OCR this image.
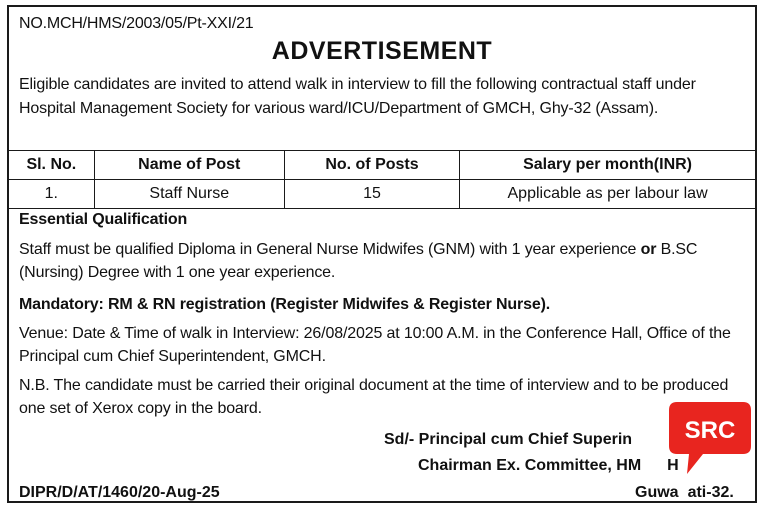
NO.MCH/HMS/2003/05/Pt-XXI/21
ADVERTISEMENT
Eligible candidates are invited to attend walk in interview to fill the following contractual staff under Hospital Management Society for various ward/ICU/Department of GMCH, Ghy-32 (Assam).
Sl. No.	Name of Post	No. of Posts	Salary per month(INR)
1.	Staff Nurse	15	Applicable as per labour law
Essential Qualification
Staff must be qualified Diploma in General Nurse Midwifes (GNM) with 1 year experience or B.SC (Nursing) Degree with 1 one year experience.
Mandatory: RM & RN registration (Register Midwifes & Register Nurse).
Venue: Date & Time of walk in Interview: 26/08/2025 at 10:00 A.M. in the Conference Hall, Office of the Principal cum Chief Superintendent, GMCH.
N.B. The candidate must be carried their original document at the time of interview and to be produced one set of Xerox copy in the board.
Sd/- Principal cum Chief Superin
Chairman Ex. Committee, HM H
Guwa ati-32.
DIPR/D/AT/1460/20-Aug-25
SRC
